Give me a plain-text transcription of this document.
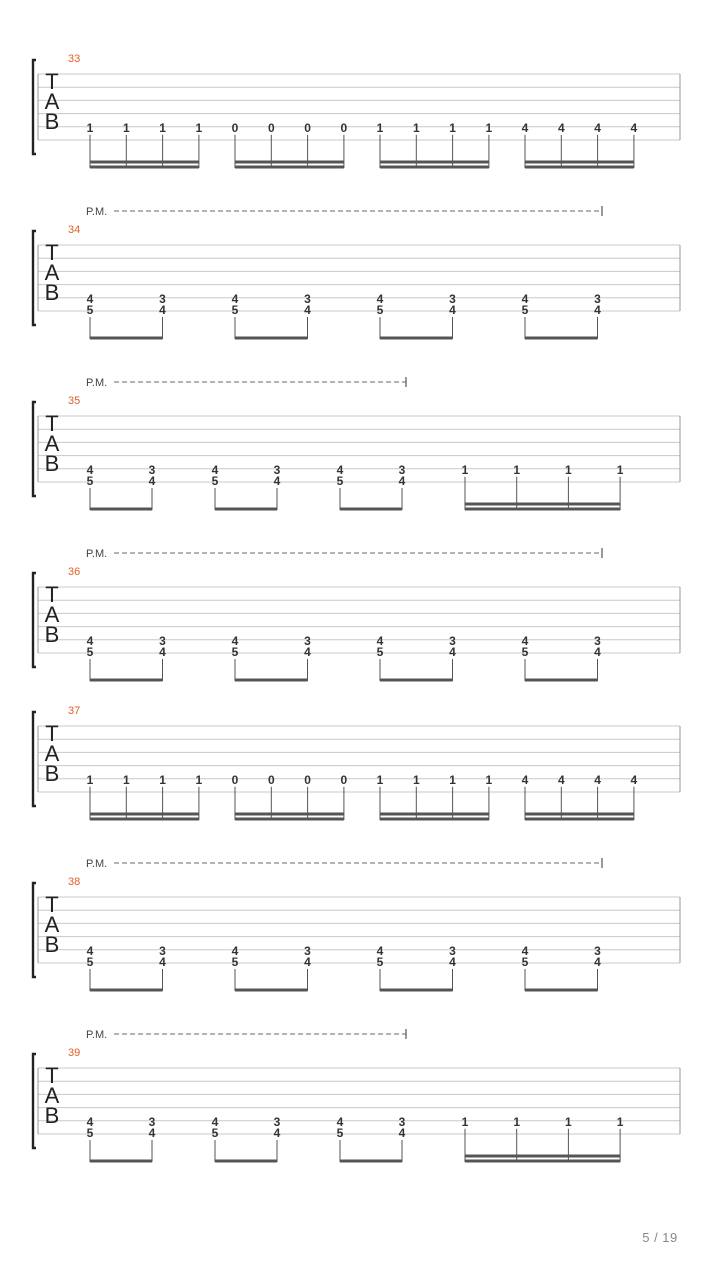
T
A
B
33
1 1 1 1 0 0 0 0 1 1 1 1 4 4 4 4
T
A
B
34
P.M.
4
5
3
4
4
5
3
4
4
5
3
4
4
5
3
4
T
A
B
35
P.M.
4
5
3
4
4
5
3
4
4
5
3
4
1	1	1	1
T
A
B
36
P.M.
4
5
3
4
4
5
3
4
4
5
3
4
4
5
3
4
T
A
B
37
1 1 1 1 0 0 0 0 1 1 1 1 4 4 4 4
T
A
B
38
P.M.
4
5
3
4
4
5
3
4
4
5
3
4
4
5
3
4
T
A
B
39
P.M.
4
5
3
4
4
5
3
4
4
5
3
4
1	1	1	1
5 / 19
